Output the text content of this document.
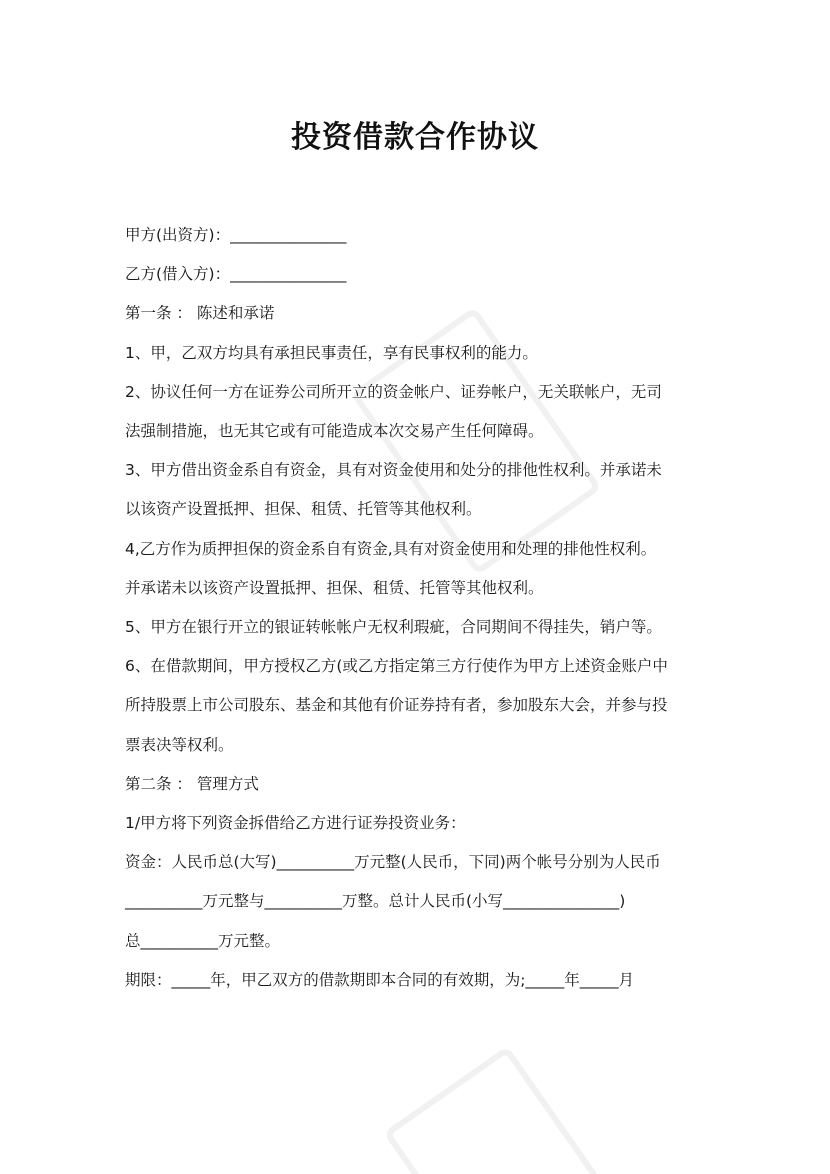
投资借款合作协议

甲方(出资方)：_______________

乙方(借入方)：_______________

第一条 ： 陈述和承诺

1、甲，乙双方均具有承担民事责任，享有民事权利的能力。

2、协议任何一方在证券公司所开立的资金帐户、证券帐户，无关联帐户，无司

法强制措施，也无其它或有可能造成本次交易产生任何障碍。

3、甲方借出资金系自有资金，具有对资金使用和处分的排他性权利。并承诺未

以该资产设置抵押、担保、租赁、托管等其他权利。

4,乙方作为质押担保的资金系自有资金,具有对资金使用和处理的排他性权利。

并承诺未以该资产设置抵押、担保、租赁、托管等其他权利。

5、甲方在银行开立的银证转帐帐户无权利瑕疵，合同期间不得挂失，销户等。

6、在借款期间，甲方授权乙方(或乙方指定第三方行使作为甲方上述资金账户中

所持股票上市公司股东、基金和其他有价证券持有者，参加股东大会，并参与投

票表决等权利。

第二条 ： 管理方式

1/甲方将下列资金拆借给乙方进行证券投资业务：

资金：人民币总(大写)__________万元整(人民币，下同)两个帐号分别为人民币

__________万元整与__________万整。总计人民币(小写_______________)

总__________万元整。

期限：_____年，甲乙双方的借款期即本合同的有效期，为;_____年_____月
